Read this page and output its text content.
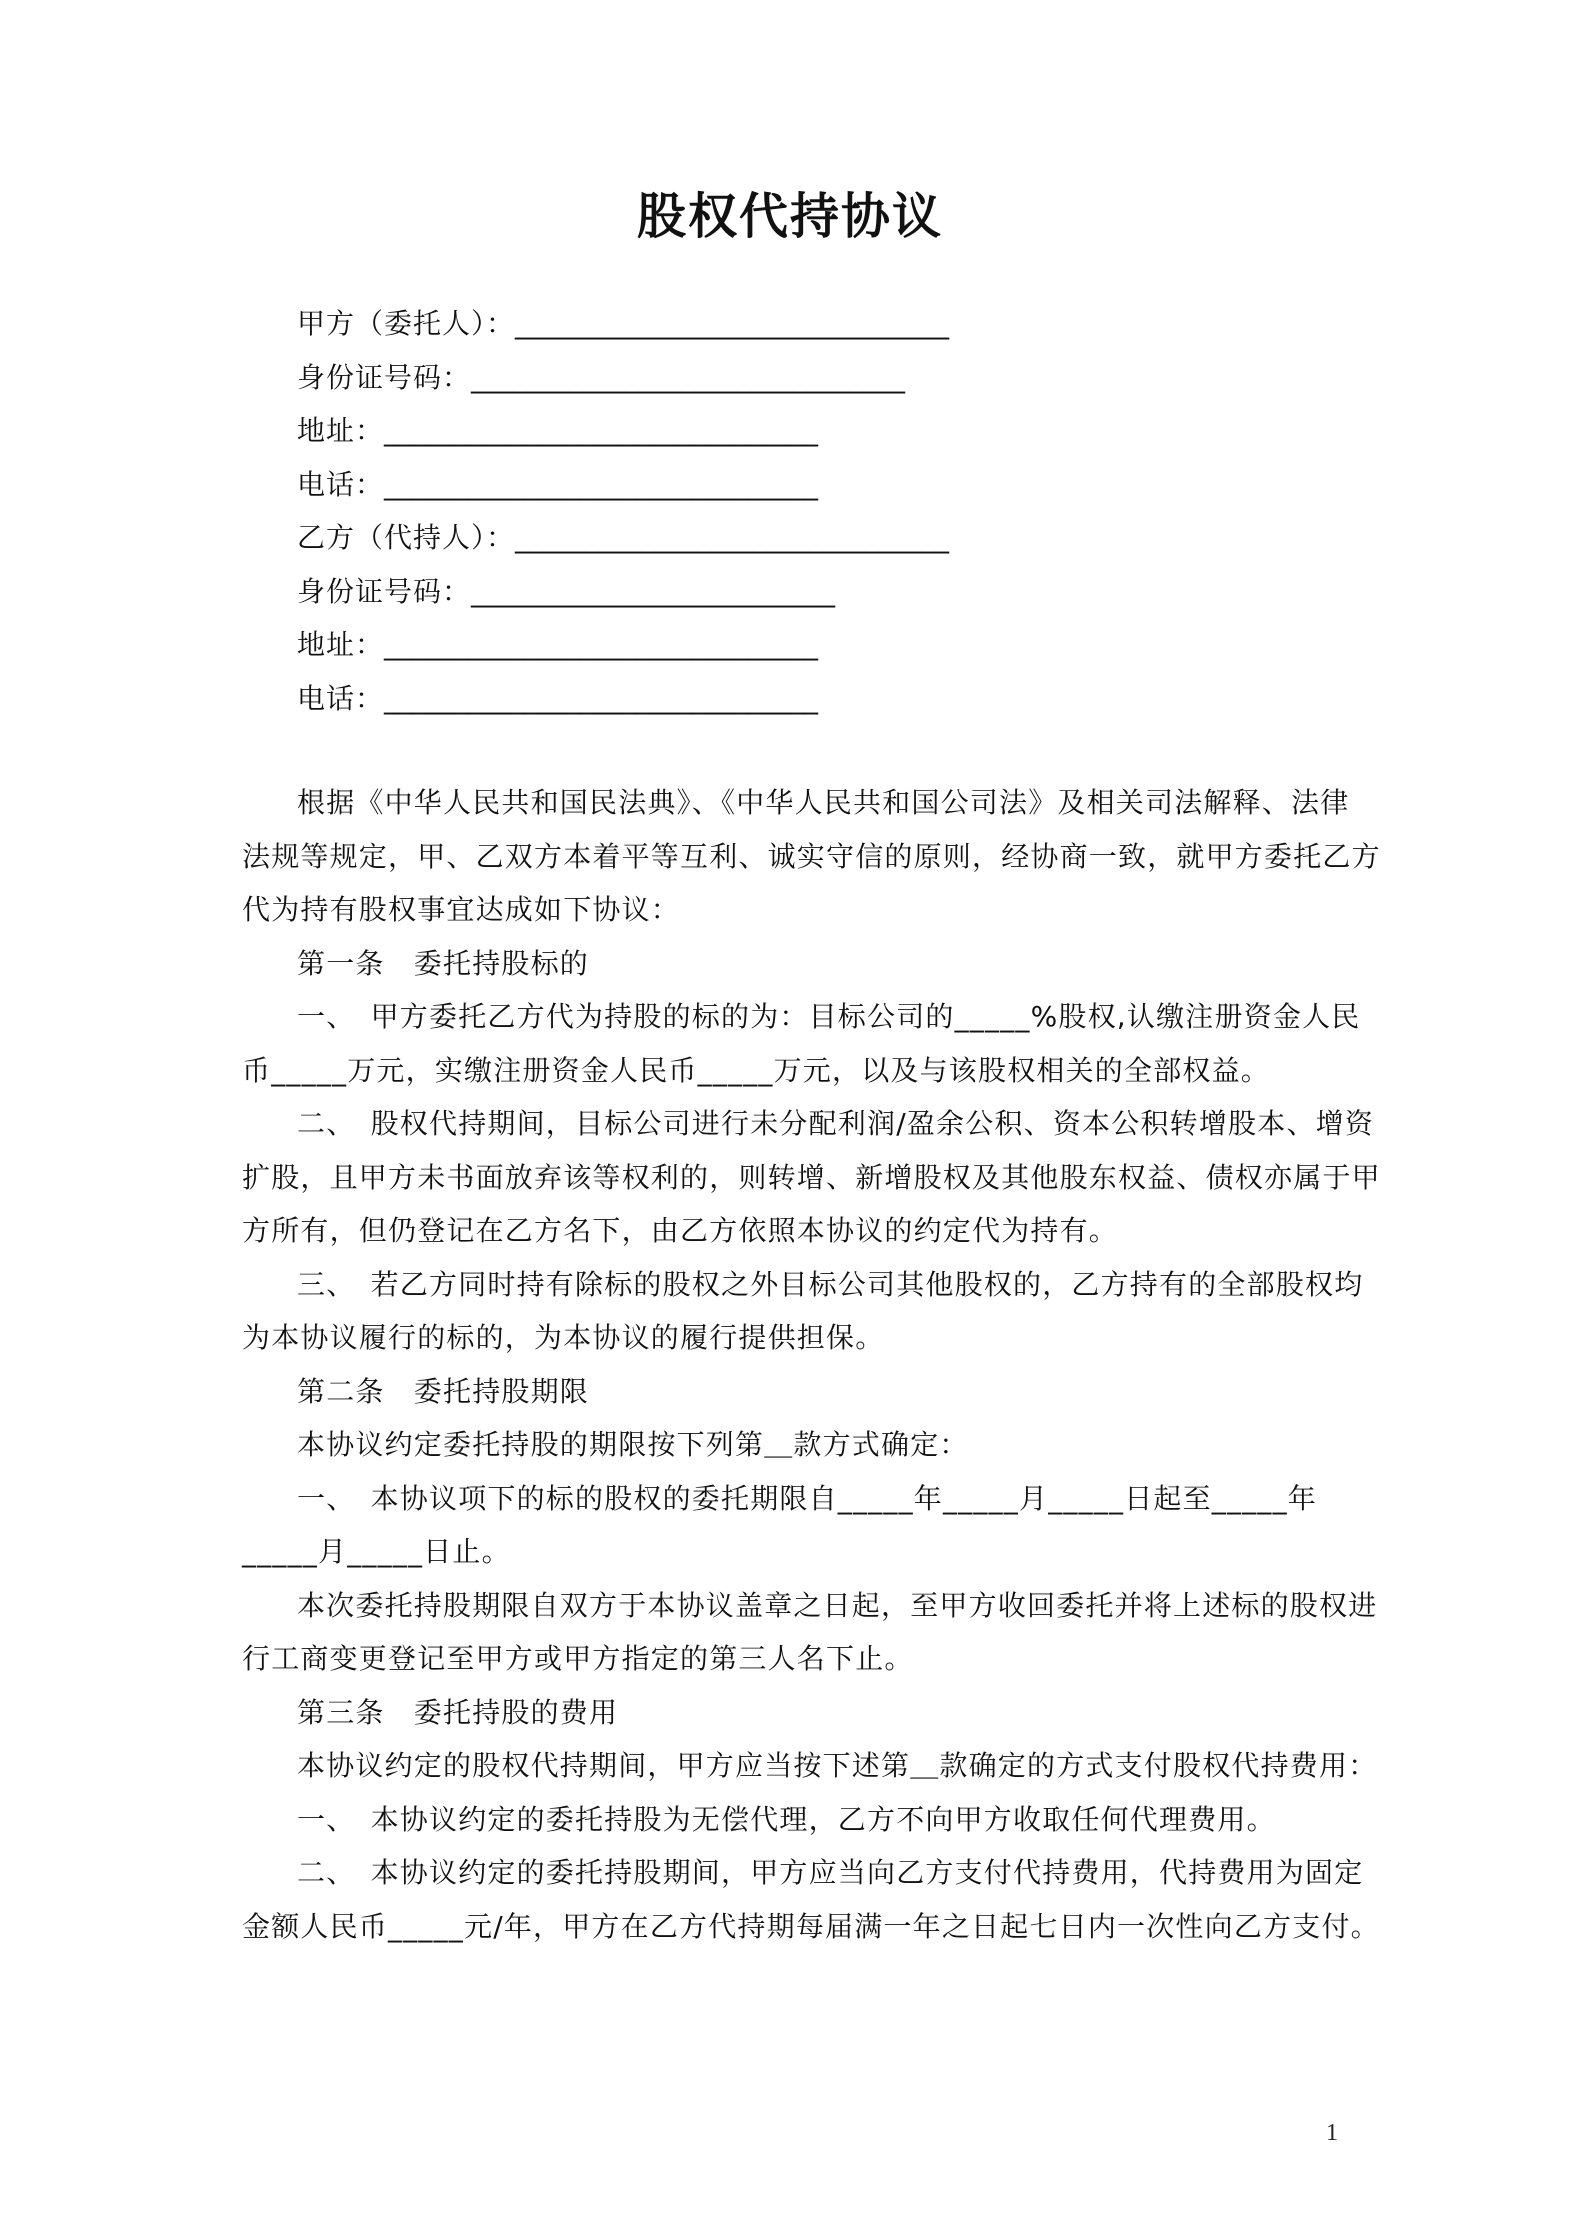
股权代持协议
甲方（委托人）：_______________________________
身份证号码：_______________________________
地址：_______________________________
电话：_______________________________
乙方（代持人）：_______________________________
身份证号码：__________________________
地址：_______________________________
电话：_______________________________
根据《中华人民共和国民法典》、《中华人民共和国公司法》及相关司法解释、法律
法规等规定，甲、乙双方本着平等互利、诚实守信的原则，经协商一致，就甲方委托乙方
代为持有股权事宜达成如下协议：
第一条　委托持股标的
一、　甲方委托乙方代为持股的标的为：目标公司的_____%股权,认缴注册资金人民
币_____万元，实缴注册资金人民币_____万元，以及与该股权相关的全部权益。
二、　股权代持期间，目标公司进行未分配利润/盈余公积、资本公积转增股本、增资
扩股，且甲方未书面放弃该等权利的，则转增、新增股权及其他股东权益、债权亦属于甲
方所有，但仍登记在乙方名下，由乙方依照本协议的约定代为持有。
三、　若乙方同时持有除标的股权之外目标公司其他股权的，乙方持有的全部股权均
为本协议履行的标的，为本协议的履行提供担保。
第二条　委托持股期限
本协议约定委托持股的期限按下列第＿款方式确定：
一、　本协议项下的标的股权的委托期限自_____年_____月_____日起至_____年
_____月_____日止。
本次委托持股期限自双方于本协议盖章之日起，至甲方收回委托并将上述标的股权进
行工商变更登记至甲方或甲方指定的第三人名下止。
第三条　委托持股的费用
本协议约定的股权代持期间，甲方应当按下述第＿款确定的方式支付股权代持费用：
一、　本协议约定的委托持股为无偿代理，乙方不向甲方收取任何代理费用。
二、　本协议约定的委托持股期间，甲方应当向乙方支付代持费用，代持费用为固定
金额人民币_____元/年，甲方在乙方代持期每届满一年之日起七日内一次性向乙方支付。
1
